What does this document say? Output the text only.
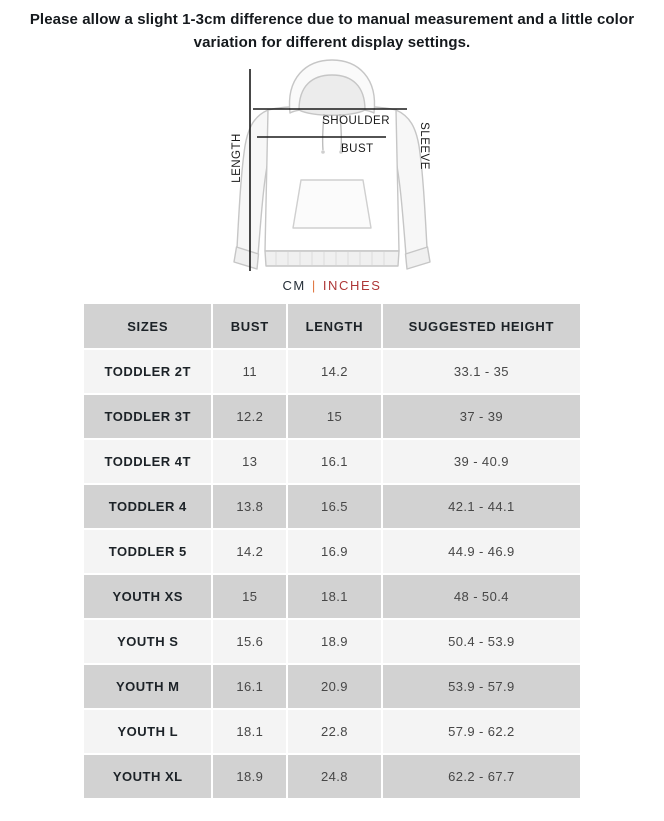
Please allow a slight 1-3cm difference due to manual measurement and a little color variation for different display settings.
SHOULDER
BUST
LENGTH	SLEEVE
CM | INCHES
SIZES	BUST	LENGTH	SUGGESTED HEIGHT
TODDLER 2T	11	14.2	33.1 - 35
TODDLER 3T	12.2	15	37 - 39
TODDLER 4T	13	16.1	39 - 40.9
TODDLER 4	13.8	16.5	42.1 - 44.1
TODDLER 5	14.2	16.9	44.9 - 46.9
YOUTH XS	15	18.1	48 - 50.4
YOUTH S	15.6	18.9	50.4 - 53.9
YOUTH M	16.1	20.9	53.9 - 57.9
YOUTH L	18.1	22.8	57.9 - 62.2
YOUTH XL	18.9	24.8	62.2 - 67.7
